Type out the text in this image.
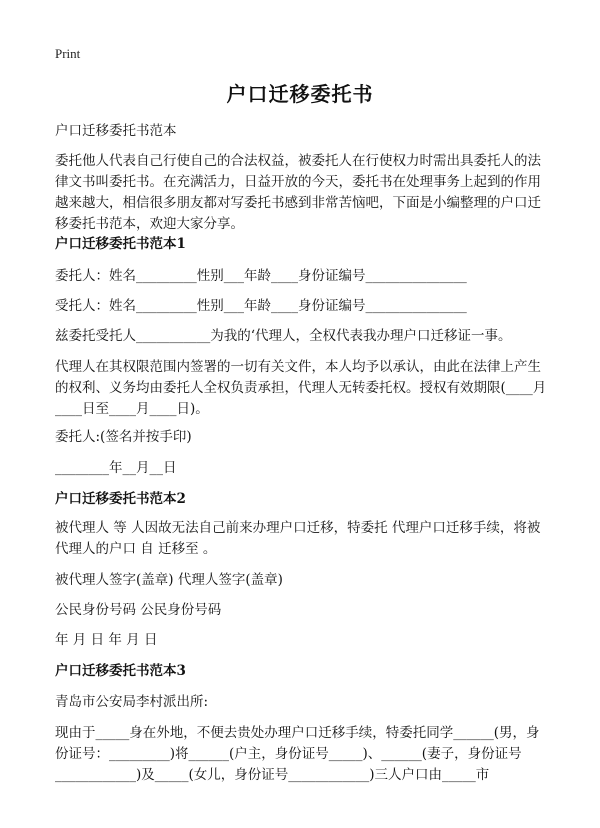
Print
户口迁移委托书
户口迁移委托书范本
委托他人代表自己行使自己的合法权益，被委托人在行使权力时需出具委托人的法律文书叫委托书。在充满活力，日益开放的今天，委托书在处理事务上起到的作用越来越大，相信很多朋友都对写委托书感到非常苦恼吧，下面是小编整理的户口迁移委托书范本，欢迎大家分享。
户口迁移委托书范本1
委托人：姓名_________性别___年龄____身份证编号_______________
受托人：姓名_________性别___年龄____身份证编号_______________
兹委托受托人___________为我的‘代理人，全权代表我办理户口迁移证一事。
代理人在其权限范围内签署的一切有关文件，本人均予以承认，由此在法律上产生的权利、义务均由委托人全权负责承担，代理人无转委托权。授权有效期限(____月____日至____月____日)。
委托人:(签名并按手印)
________年__月__日
户口迁移委托书范本2
被代理人 等 人因故无法自己前来办理户口迁移，特委托 代理户口迁移手续，将被代理人的户口 自 迁移至 。
被代理人签字(盖章) 代理人签字(盖章)
公民身份号码 公民身份号码
年 月 日 年 月 日
户口迁移委托书范本3
青岛市公安局李村派出所:
现由于_____身在外地，不便去贵处办理户口迁移手续，特委托同学______(男，身份证号：_________)将______(户主，身份证号_____)、______(妻子，身份证号____________)及_____(女儿，身份证号____________)三人户口由_____市
